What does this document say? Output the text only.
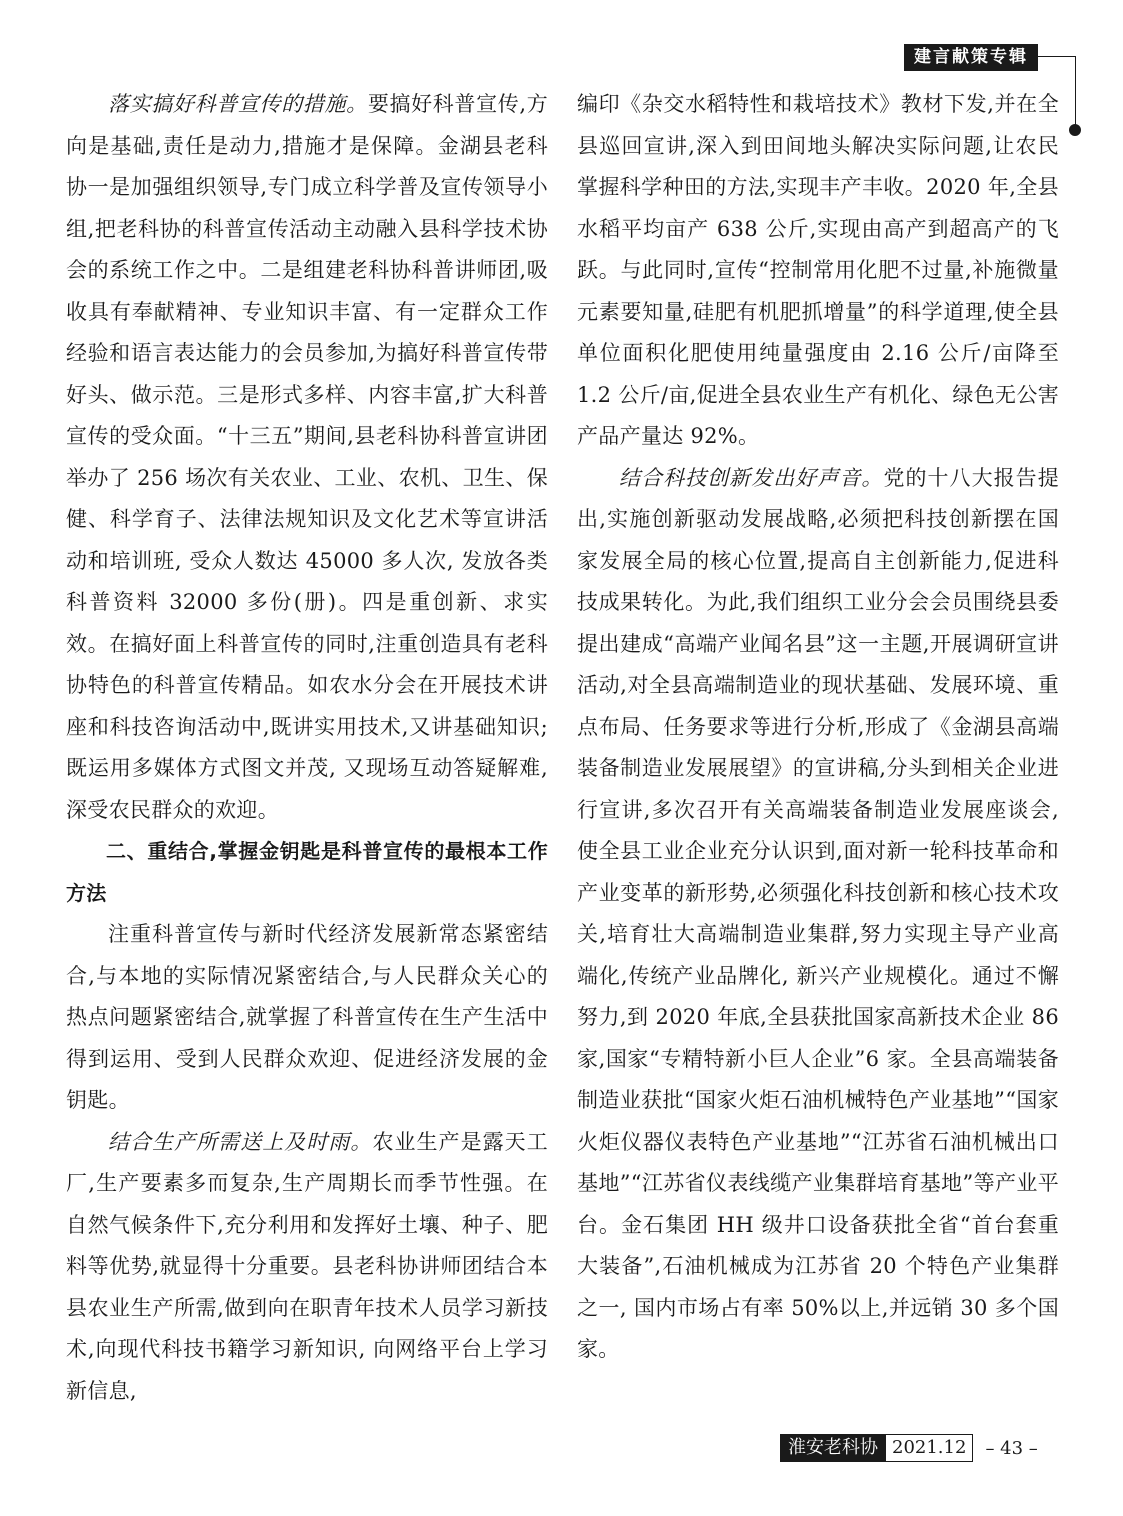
建言献策专辑

落实搞好科普宣传的措施。要搞好科普宣传,方向是基础,责任是动力,措施才是保障。金湖县老科协一是加强组织领导,专门成立科学普及宣传领导小组,把老科协的科普宣传活动主动融入县科学技术协会的系统工作之中。二是组建老科协科普讲师团,吸收具有奉献精神、专业知识丰富、有一定群众工作经验和语言表达能力的会员参加,为搞好科普宣传带好头、做示范。三是形式多样、内容丰富,扩大科普宣传的受众面。“十三五”期间,县老科协科普宣讲团举办了 256 场次有关农业、工业、农机、卫生、保健、科学育子、法律法规知识及文化艺术等宣讲活动和培训班, 受众人数达 45000 多人次, 发放各类科普资料 32000 多份(册)。四是重创新、求实效。在搞好面上科普宣传的同时,注重创造具有老科协特色的科普宣传精品。如农水分会在开展技术讲座和科技咨询活动中,既讲实用技术,又讲基础知识;既运用多媒体方式图文并茂, 又现场互动答疑解难,深受农民群众的欢迎。

二、重结合,掌握金钥匙是科普宣传的最根本工作方法

注重科普宣传与新时代经济发展新常态紧密结合,与本地的实际情况紧密结合,与人民群众关心的热点问题紧密结合,就掌握了科普宣传在生产生活中得到运用、受到人民群众欢迎、促进经济发展的金钥匙。

结合生产所需送上及时雨。农业生产是露天工厂,生产要素多而复杂,生产周期长而季节性强。在自然气候条件下,充分利用和发挥好土壤、种子、肥料等优势,就显得十分重要。县老科协讲师团结合本县农业生产所需,做到向在职青年技术人员学习新技术,向现代科技书籍学习新知识, 向网络平台上学习新信息,

编印《杂交水稻特性和栽培技术》教材下发,并在全县巡回宣讲,深入到田间地头解决实际问题,让农民掌握科学种田的方法,实现丰产丰收。2020 年,全县水稻平均亩产 638 公斤,实现由高产到超高产的飞跃。与此同时,宣传“控制常用化肥不过量,补施微量元素要知量,硅肥有机肥抓增量”的科学道理,使全县单位面积化肥使用纯量强度由 2.16 公斤/亩降至 1.2 公斤/亩,促进全县农业生产有机化、绿色无公害产品产量达 92%。

结合科技创新发出好声音。党的十八大报告提出,实施创新驱动发展战略,必须把科技创新摆在国家发展全局的核心位置,提高自主创新能力,促进科技成果转化。为此,我们组织工业分会会员围绕县委提出建成“高端产业闻名县”这一主题,开展调研宣讲活动,对全县高端制造业的现状基础、发展环境、重点布局、任务要求等进行分析,形成了《金湖县高端装备制造业发展展望》的宣讲稿,分头到相关企业进行宣讲,多次召开有关高端装备制造业发展座谈会,使全县工业企业充分认识到,面对新一轮科技革命和产业变革的新形势,必须强化科技创新和核心技术攻关,培育壮大高端制造业集群,努力实现主导产业高端化,传统产业品牌化, 新兴产业规模化。通过不懈努力,到 2020 年底,全县获批国家高新技术企业 86 家,国家“专精特新小巨人企业”6 家。全县高端装备制造业获批“国家火炬石油机械特色产业基地”“国家火炬仪器仪表特色产业基地”“江苏省石油机械出口基地”“江苏省仪表线缆产业集群培育基地”等产业平台。金石集团 HH 级井口设备获批全省“首台套重大装备”,石油机械成为江苏省 20 个特色产业集群之一, 国内市场占有率 50%以上,并远销 30 多个国家。

淮安老科协 2021.12	– 43 –
